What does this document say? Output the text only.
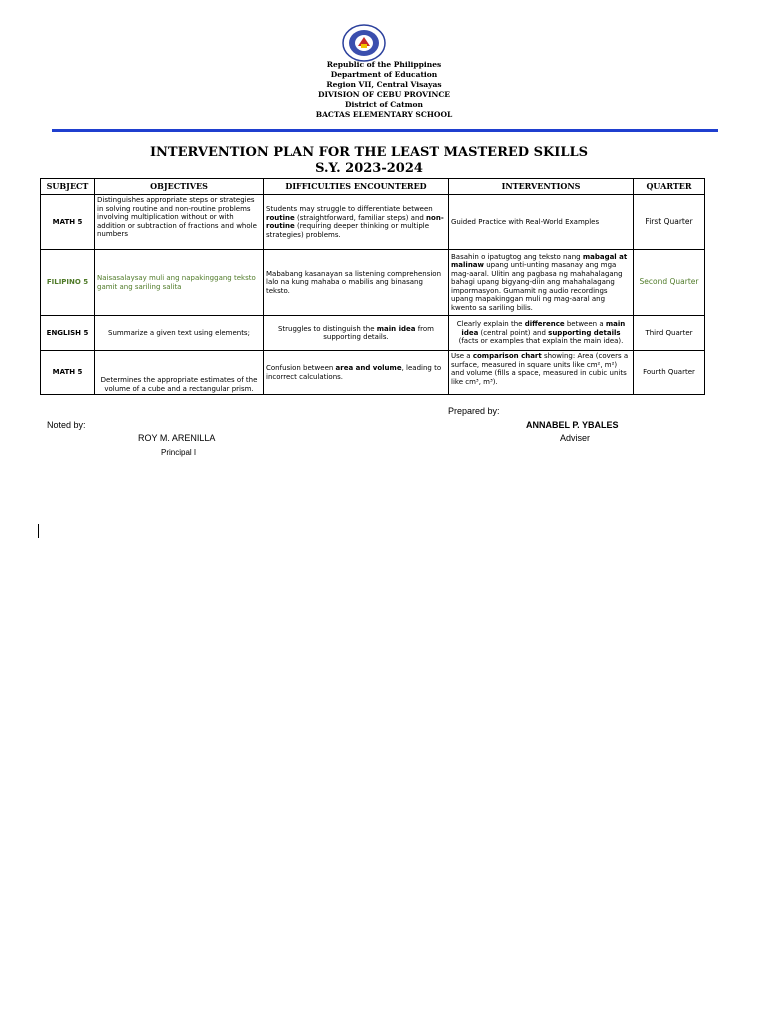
Republic of the Philippines
Department of Education
Region VII, Central Visayas
DIVISION OF CEBU PROVINCE
District of Catmon
BACTAS ELEMENTARY SCHOOL
INTERVENTION PLAN FOR THE LEAST MASTERED SKILLS
S.Y. 2023-2024
SUBJECT	OBJECTIVES	DIFFICULTIES ENCOUNTERED	INTERVENTIONS	QUARTER
MATH 5	Distinguishes appropriate steps or strategies in solving routine and non-routine problems involving multiplication without or with addition or subtraction of fractions and whole numbers	Students may struggle to differentiate between routine (straightforward, familiar steps) and non-routine (requiring deeper thinking or multiple strategies) problems.	Guided Practice with Real-World Examples	First Quarter
FILIPINO 5	Naisasalaysay muli ang napakinggang teksto gamit ang sariling salita	Mababang kasanayan sa listening comprehension lalo na kung mahaba o mabilis ang binasang teksto.	Basahin o ipatugtog ang teksto nang mabagal at malinaw upang unti-unting masanay ang mga mag-aaral. Ulitin ang pagbasa ng mahahalagang bahagi upang bigyang-diin ang mahahalagang impormasyon. Gumamit ng audio recordings upang mapakinggan muli ng mag-aaral ang kwento sa sariling bilis.	Second Quarter
ENGLISH 5	Summarize a given text using elements;	Struggles to distinguish the main idea from supporting details.	Clearly explain the difference between a main idea (central point) and supporting details (facts or examples that explain the main idea).	Third Quarter
MATH 5	Determines the appropriate estimates of the volume of a cube and a rectangular prism.	Confusion between area and volume, leading to incorrect calculations.	Use a comparison chart showing: Area (covers a surface, measured in square units like cm², m²) and volume (fills a space, measured in cubic units like cm³, m³).	Fourth Quarter
Noted by:
ROY M. ARENILLA
Principal I
Prepared by:
ANNABEL P. YBALES
Adviser
